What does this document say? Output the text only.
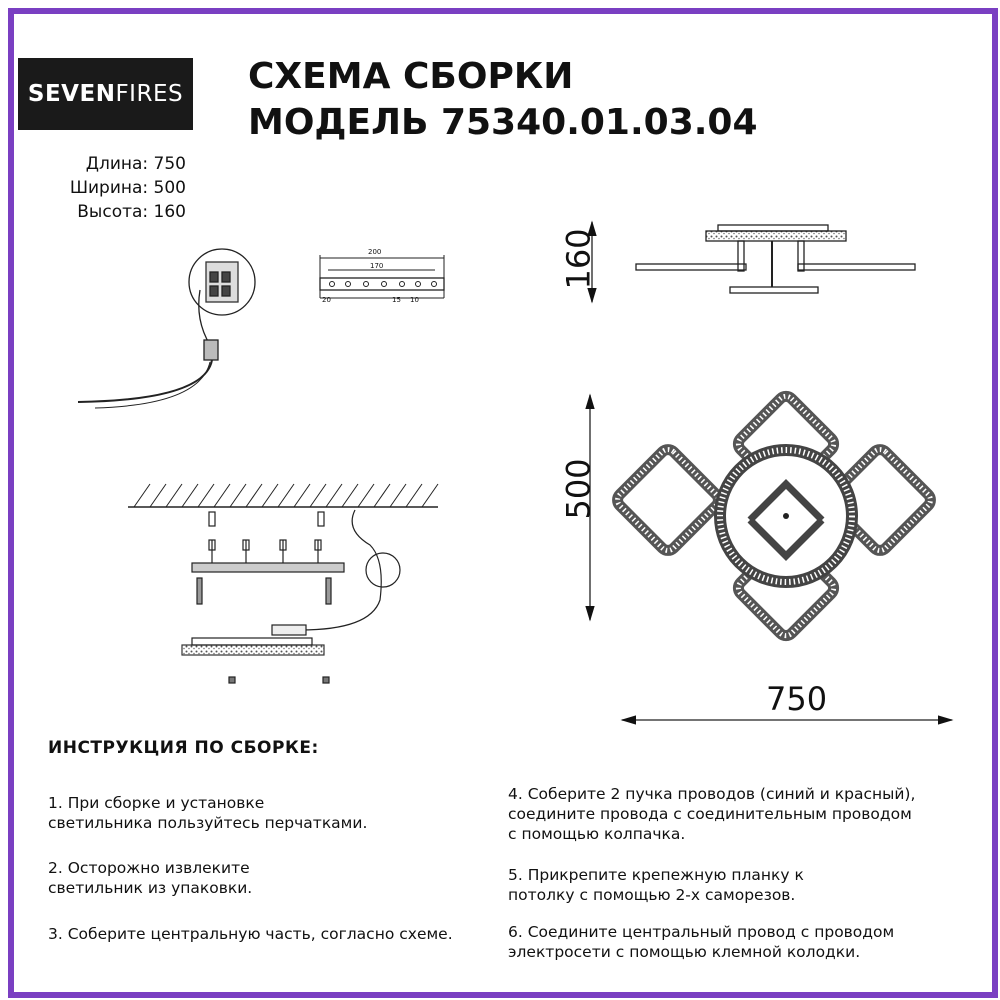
SEVEN FIRES СХЕМА СБОРКИ
МОДЕЛЬ 75340.01.03.04
Длина: 750
Ширина: 500
Высота: 160
160
500
750
200
170
20	15 10
ИНСТРУКЦИЯ ПО СБОРКЕ:
1. При сборке и установке
светильника пользуйтесь перчатками.
2. Осторожно извлеките
светильник из упаковки.
3. Соберите центральную часть, согласно схеме.
4. Соберите 2 пучка проводов (синий и красный),
соедините провода с соединительным проводом
с помощью колпачка.
5. Прикрепите крепежную планку к
потолку с помощью 2-х саморезов.
6. Соедините центральный провод с проводом
электросети с помощью клемной колодки.
